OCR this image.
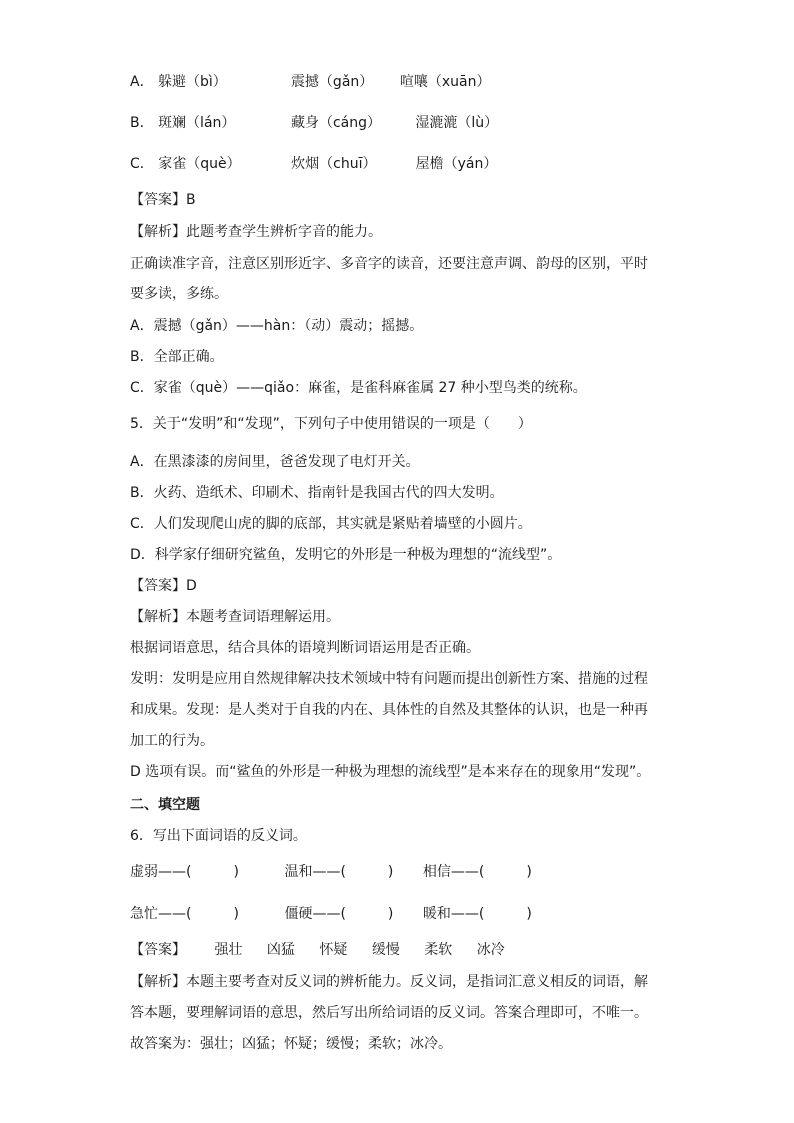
A． 躲避（bì）	震撼（gǎn） 喧嚷（xuān）
B． 斑斓（lán）	藏身（cáng） 湿漉漉（lù）
C． 家雀（què）	炊烟（chuī）	屋檐（yán）
【答案】B
【解析】此题考查学生辨析字音的能力。
正确读准字音，注意区别形近字、多音字的读音，还要注意声调、韵母的区别，平时
要多读，多练。
A．震撼（gǎn）——hàn：（动）震动；摇撼。
B．全部正确。
C．家雀（què）——qiǎo：麻雀，是雀科麻雀属 27 种小型鸟类的统称。
5．关于“发明”和“发现”，下列句子中使用错误的一项是（　　）
A．在黑漆漆的房间里，爸爸发现了电灯开关。
B．火药、造纸术、印刷术、指南针是我国古代的四大发明。
C．人们发现爬山虎的脚的底部，其实就是紧贴着墙壁的小圆片。
D．科学家仔细研究鲨鱼，发明它的外形是一种极为理想的“流线型”。
【答案】D
【解析】本题考查词语理解运用。
根据词语意思，结合具体的语境判断词语运用是否正确。
发明：发明是应用自然规律解决技术领域中特有问题而提出创新性方案、措施的过程
和成果。发现：是人类对于自我的内在、具体性的自然及其整体的认识，也是一种再
加工的行为。
D 选项有误。而“鲨鱼的外形是一种极为理想的流线型”是本来存在的现象用“发现”。
二、填空题
6．写出下面词语的反义词。
虚弱——(　　　)	温和——(　　　) 相信——(　　　)
急忙——(　　　)	僵硬——(　　　) 暖和——(　　　)
【答案】 强壮 凶猛 怀疑 缓慢 柔软 冰冷
【解析】本题主要考查对反义词的辨析能力。反义词，是指词汇意义相反的词语，解
答本题，要理解词语的意思，然后写出所给词语的反义词。答案合理即可，不唯一。
故答案为：强壮；凶猛；怀疑；缓慢；柔软；冰冷。
